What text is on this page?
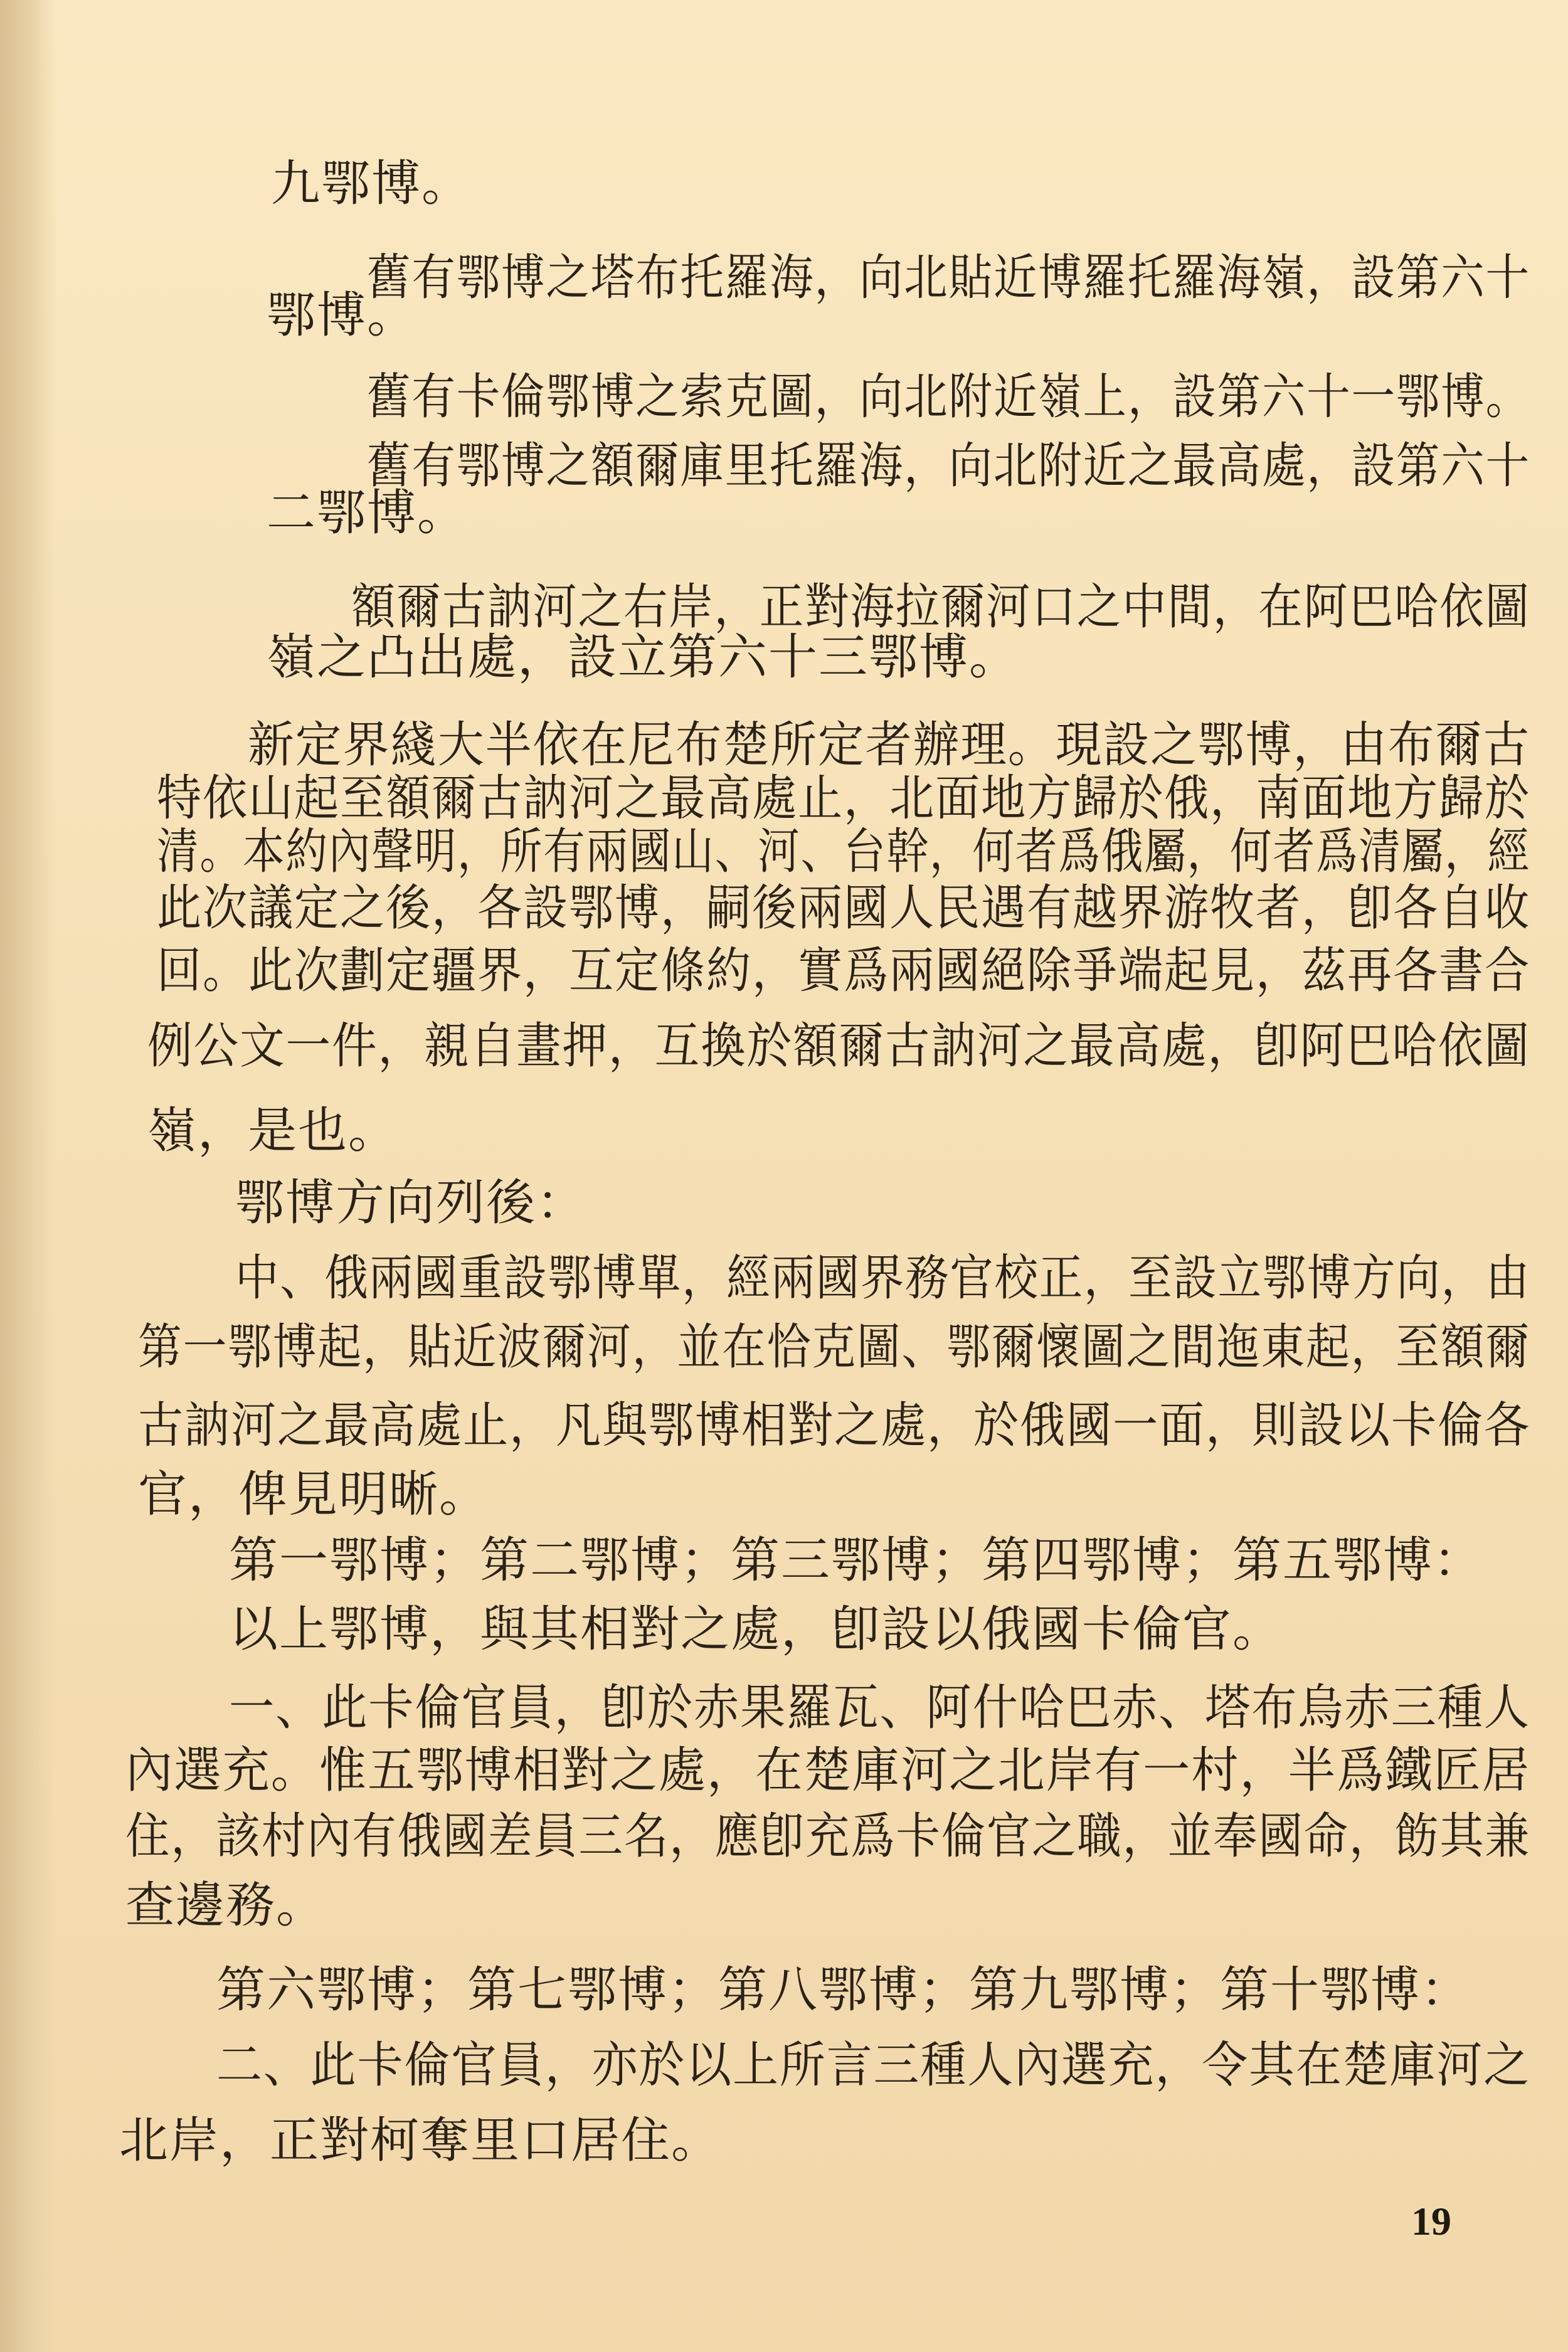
九鄂博。
舊有鄂博之塔布托羅海，向北貼近博羅托羅海嶺，設第六十
鄂博。
舊有卡倫鄂博之索克圖，向北附近嶺上，設第六十一鄂博。
舊有鄂博之額爾庫里托羅海，向北附近之最高處，設第六十
二鄂博。
額爾古訥河之右岸，正對海拉爾河口之中間，在阿巴哈依圖
嶺之凸出處，設立第六十三鄂博。
新定界綫大半依在尼布楚所定者辦理。現設之鄂博，由布爾古
特依山起至額爾古訥河之最高處止，北面地方歸於俄，南面地方歸於
清。本約內聲明，所有兩國山、河、台幹，何者爲俄屬，何者爲清屬，經
此次議定之後，各設鄂博，嗣後兩國人民遇有越界游牧者，卽各自收
回。此次劃定疆界，互定條約，實爲兩國絕除爭端起見，茲再各書合
例公文一件，親自畫押，互換於額爾古訥河之最高處，卽阿巴哈依圖
嶺，是也。
鄂博方向列後：
中、俄兩國重設鄂博單，經兩國界務官校正，至設立鄂博方向，由
第一鄂博起，貼近波爾河，並在恰克圖、鄂爾懷圖之間迤東起，至額爾
古訥河之最高處止，凡與鄂博相對之處，於俄國一面，則設以卡倫各
官，俾見明晰。
第一鄂博；第二鄂博；第三鄂博；第四鄂博；第五鄂博：
以上鄂博，與其相對之處，卽設以俄國卡倫官。
一、此卡倫官員，卽於赤果羅瓦、阿什哈巴赤、塔布烏赤三種人
內選充。惟五鄂博相對之處，在楚庫河之北岸有一村，半爲鐵匠居
住，該村內有俄國差員三名，應卽充爲卡倫官之職，並奉國命，飭其兼
查邊務。
第六鄂博；第七鄂博；第八鄂博；第九鄂博；第十鄂博：
二、此卡倫官員，亦於以上所言三種人內選充，令其在楚庫河之
北岸，正對柯奪里口居住。
19
